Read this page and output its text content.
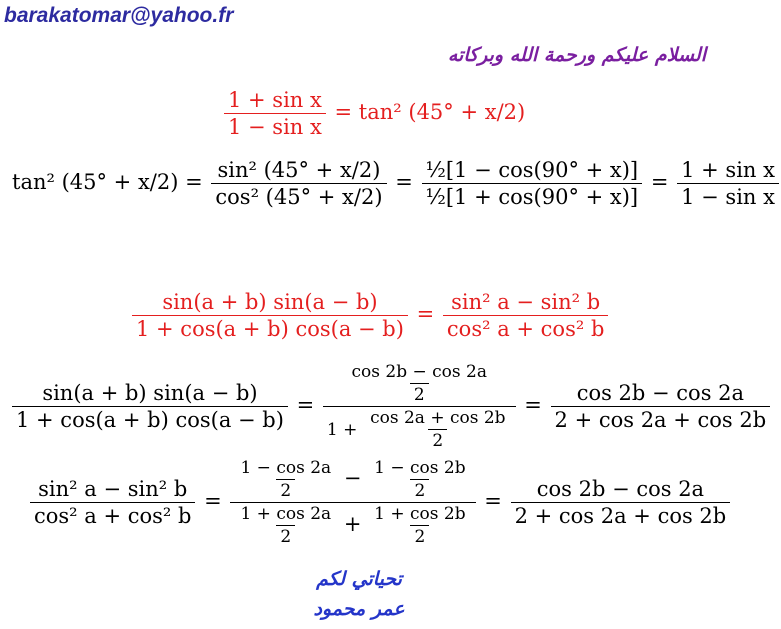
barakatomar@yahoo.fr
السلام عليكم ورحمة الله وبركاته
$\frac{\text{1 + sin x}}{\text{1 − sin x}} = \tan^2$ (45° + x/2)
tan² $(45^\circ + x/2) = \frac{\text{sin² (45° + x/2)}}{\text{cos² (45° + x/2)}} = \frac{\text{½[1 − cos(90° + x)]}}{\text{½[1 + cos(90° + x)]}} = \frac{\text{1 + sin x}}{\text{1 − sin x}}$
$\frac{\sin(a + b) \sin(a - b)}{1 + \cos(a + b) \cos(a - b)} = \frac{\text{sin² a − sin² b}}{\text{cos² a + cos² b}}$
$\frac{\sin(a + b) \sin(a - b)}{1 + \cos(a + b) \cos(a - b)} = \frac{\frac{\cos 2b - \cos 2a}{2}}{1 + \frac{\cos 2a + \cos 2b}{2}} = \frac{\cos 2b - \cos 2a}{2 + \cos 2a + \cos 2b}$
$\frac{\text{sin² a − sin² b}}{\text{cos² a + cos² b}} = \frac{1 - \cos 2a}{2} - \frac{1 - \cos 2b}{2}$
$\frac{1 + \cos 2a}{2} + \frac{1 + \cos 2b}{2}$
= $\frac{\cos 2b - \cos 2a}{2 + \cos 2a + \cos 2b}$
تحياتي لكم
عمر محمود
